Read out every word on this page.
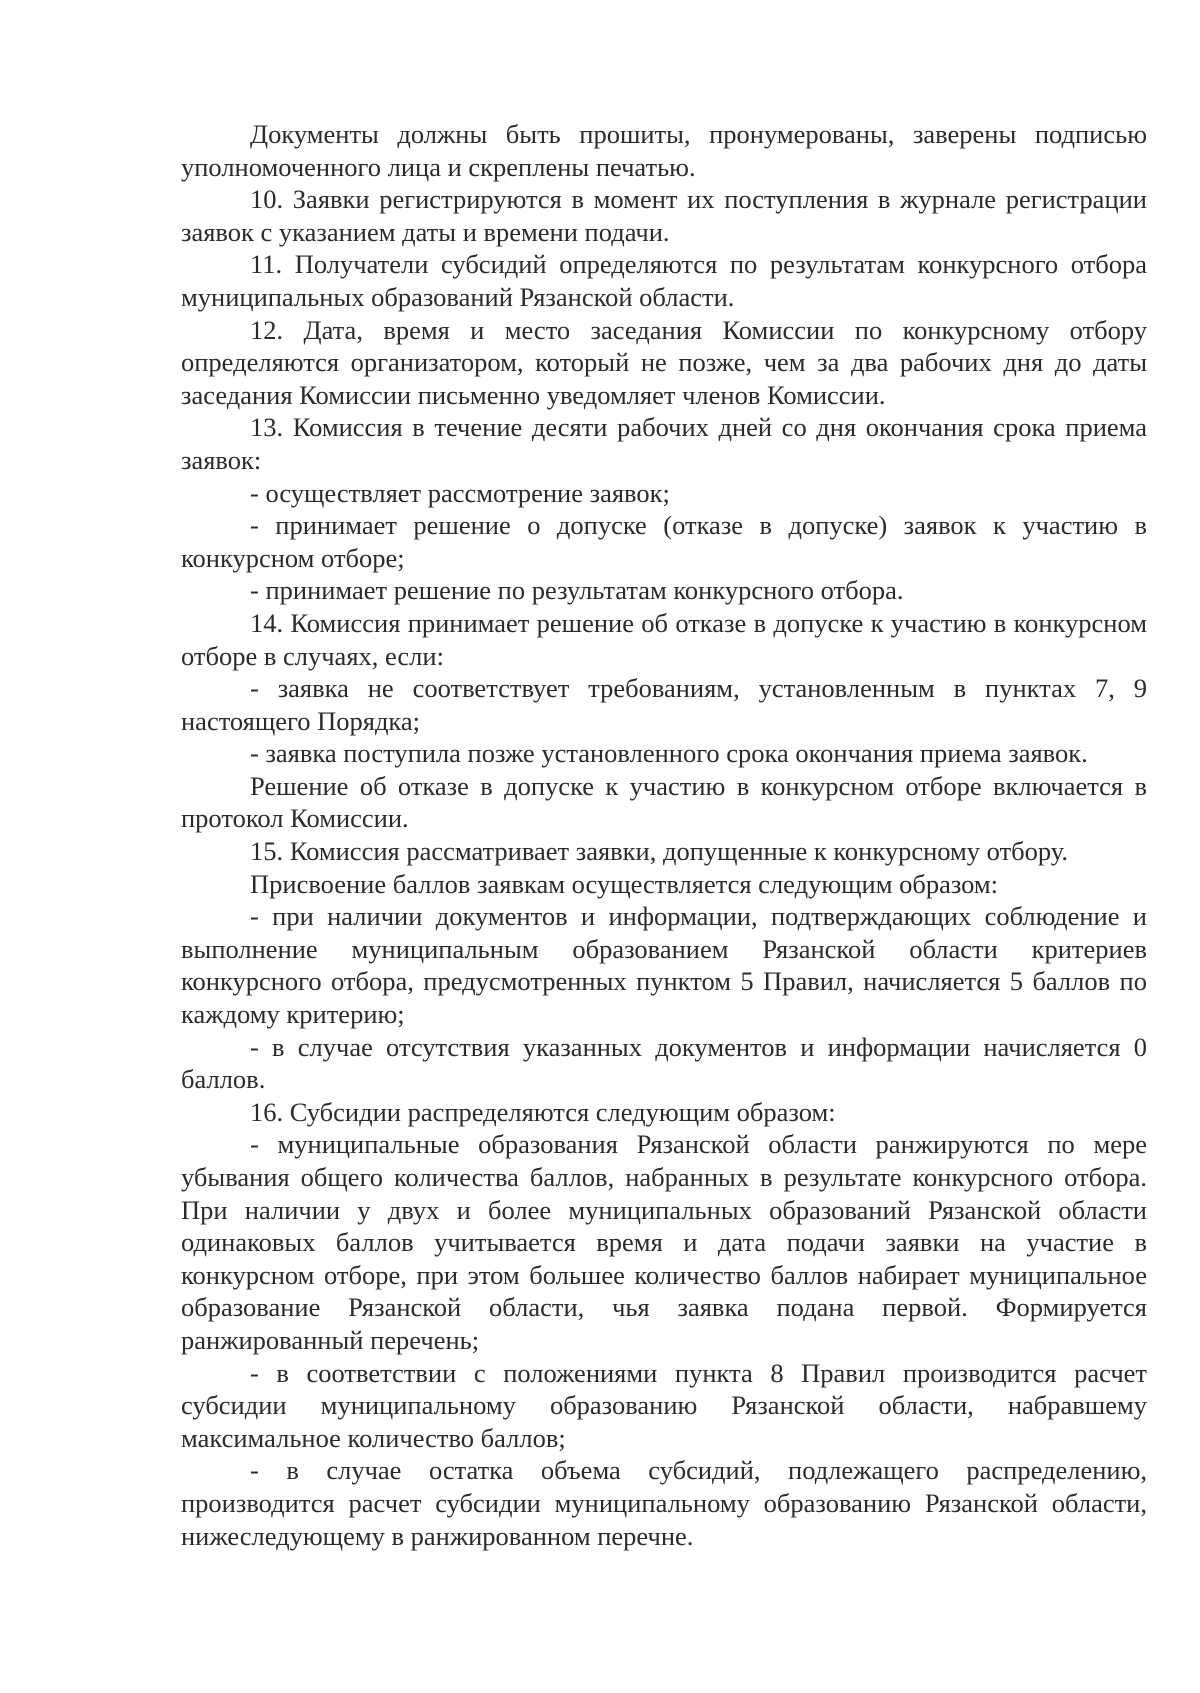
Документы должны быть прошиты, пронумерованы, заверены подписью уполномоченного лица и скреплены печатью.

10. Заявки регистрируются в момент их поступления в журнале регистрации заявок с указанием даты и времени подачи.

11. Получатели субсидий определяются по результатам конкурсного отбора муниципальных образований Рязанской области.

12. Дата, время и место заседания Комиссии по конкурсному отбору определяются организатором, который не позже, чем за два рабочих дня до даты заседания Комиссии письменно уведомляет членов Комиссии.

13. Комиссия в течение десяти рабочих дней со дня окончания срока приема заявок:

- осуществляет рассмотрение заявок;

- принимает решение о допуске (отказе в допуске) заявок к участию в конкурсном отборе;

- принимает решение по результатам конкурсного отбора.

14. Комиссия принимает решение об отказе в допуске к участию в конкурсном отборе в случаях, если:

- заявка не соответствует требованиям, установленным в пунктах 7, 9 настоящего Порядка;

- заявка поступила позже установленного срока окончания приема заявок.

Решение об отказе в допуске к участию в конкурсном отборе включается в протокол Комиссии.

15. Комиссия рассматривает заявки, допущенные к конкурсному отбору.

Присвоение баллов заявкам осуществляется следующим образом:

- при наличии документов и информации, подтверждающих соблюдение и выполнение муниципальным образованием Рязанской области критериев конкурсного отбора, предусмотренных пунктом 5 Правил, начисляется 5 баллов по каждому критерию;

- в случае отсутствия указанных документов и информации начисляется 0 баллов.

16. Субсидии распределяются следующим образом:

- муниципальные образования Рязанской области ранжируются по мере убывания общего количества баллов, набранных в результате конкурсного отбора. При наличии у двух и более муниципальных образований Рязанской области одинаковых баллов учитывается время и дата подачи заявки на участие в конкурсном отборе, при этом большее количество баллов набирает муниципальное образование Рязанской области, чья заявка подана первой. Формируется ранжированный перечень;

- в соответствии с положениями пункта 8 Правил производится расчет субсидии муниципальному образованию Рязанской области, набравшему максимальное количество баллов;

- в случае остатка объема субсидий, подлежащего распределению, производится расчет субсидии муниципальному образованию Рязанской области, нижеследующему в ранжированном перечне.
